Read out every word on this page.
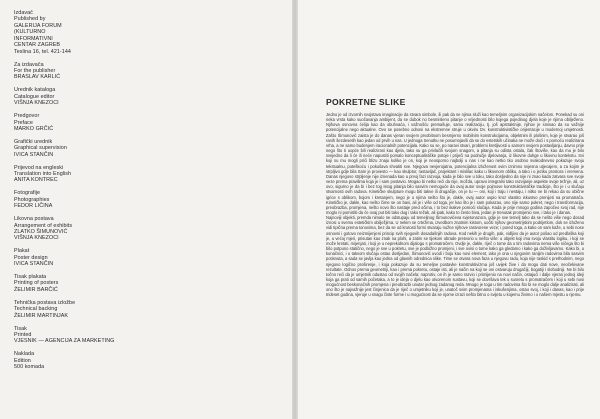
Izdavač
Published by
GALERIJA FORUM
(KULTURNO
INFORMATIVNI
CENTAR ZAGREB
Teslina 16, tel. 421-144
Za izdavača
For the publisher
BRASLAV KARLIĆ
Urednik kataloga
Catalogue editor
VIŠNJA KNEZOCI
Predgovor
Preface
MARKO GRČIĆ
Grafički urednik
Graphical supervision
IVICA STANČIN
Prijevod na engleski
Translation into English
ANITA KONTREC
Fotografije
Photographies
FEDOR LIČINA
Likovna postava
Arrangement of exhibits
ZLATKO ŠIMUNOVIĆ
VIŠNJA KNEZOCI
Plakat
Poster design
IVICA STANČIN
Tisak plakata
Printing of posters
ŽELIMIR BARČIĆ
Tehnička postava izložbe
Technical backing
ŽELIMIR MARTINJAK
Tisak
Printed
VJESNIK — AGENCIJA ZA MARKETING
Naklada
Edition
500 komada
POKRETNE SLIKE

Jedno je od izvornih svojstava imaginacije da stvara simbole, ili pak da se njima služi kao temeljnim organizacijskim načelom. Ponekad su oni neka vrsta kako suočavanja ambijent, da se dubok no besmisleno pitanje o vrijednosti bilo kojega pojedinog djela koje je njima obilježeno. Njihova osnovna ćelija kao da obuhvaća, i važnošću premašuje, samu realizaciju, tj. još apstraktnije, njihov je smisao da su važnije potencijalne nego aktualne. Ovo se posebno odnosi na ekstremne struje u okviru tzv. konstruktivističke orijentacije u modernoj umjetnosti. Zašto Šimunović zaista je do danas vjeran svojem prvobitnom besmjerno mobilnim konstrukcijama, objektnim ili plošnim, koje je stvarao još ranih šezdesetih kao jedan od prvih u nas. U jednoga trenutku ne posumnjavši da se do estetskih učinaka ne može doći i s pomoću realizirana vrha, a ne samo budenjem iracionalnih potencijala. Kako su se, po naravi stvari, problemi kretljivosti u samom svojem postavljanju, davno prije nego što ti uopće bili realizirani kao djela, tako su ga privlačili svojom snagom, a pitanja su odista ostala, čak štoviše, kao da mu je bilo svejedno da li će ili neće napustiti pomalo konceptualističke potoje i priječi na područje djelovanja, iz likovne duhge u likovnu kontekstu. Svi koji su mu mogli prići blizu znaju koliko je on, koji je neosporno najbolji u nas i ne kao netko tko osobno svakodnevno pokazuje svoju tekstualnu, poteškoću i pokušava shvatiti sve. Njegova nevjerojatna, potencijalna izloženost ovim iznimno svjesna utjecajem, a za kojim je strpljivo gdje bila Sam je provesto — kao skulptor, rastavljač, projektant i mislilac kako u likovnom obliku, a tako i u jeziku prostora i vremena. Danas njegovo strpljenje nije iznenada kao u prvoj fazi razvoja, kada je bilo sve u toku, tako dosljedno da nije ni znao kada zatvara sve svoje veze prema pravilima koja je i sam postavio. Mogao bi netko reći da nije, možda, upravo integralni tako razvijanje aspekte svoje težnje, ali, uz ovo, sigurno je da bi i bez tog istog pitanja bilo sasvim nemoguće da ovaj autor svoje pojmove konstruktivističke tradicije, što je i u slučaju stvarnosti ovih radova. Kinetičke skulpture mogu biti takve ili drugačije, on je tu — oni, koji i traju i nestaju, i nitko ne bi rekao da su obične igrice s oblikom, bojom i kretanjem, nego je u njima nešto što je, dakle, ovaj autor uspio kroz vlastito iskustvo prenijeti na promatrača. Kinetičko je, dakle, kao nešto čime se on bavi, ali je i više od toga, jer kao što je i sam pokazao, ono nije samo pokret, nego i transformacija, preobrazba, promjena, nešto novo što nastaje pred očima, i to bez ikakve pomoći slučaja. Kada je prije mnogo godina započeo svoj rad, nije moglo ni pomisliti da će ovaj put biti tako dug i tako težak, ali ipak, kako to često biva, jedan je trenutak promijenio sve, i tako je i danas.

Najnoviji objekti, premda nimalo ne odstupaju od temeljnog Šimunovićeva svjetonazora, gdje je sve temelj tako da se nešto više nego dosad iznosi u svemu estetičkim obilježjima. U nekim se crtežima, izvedbom znatnim kistom, uočiti njihov geometrijskim podrijetlom, dok se izloženo vidi tipična prema tonovima, bez da se od krutosti formi stvaraju nužne njihove rastvorene veze; i pored toga, a kako on sam kaže, u sebi nose osnovni i gotovo neizmijenjeni princip svih njegovih dosadašnjih radova. Kod nekih je drugih, pak, vidljivo da je autor pošao od predloška koji je, u većoj mjeri, prisutan kao znak na plohi, a zatim se tijekom obrade pretvorio u nešto više: u objekt koji ima svoju vlastitu logiku, i koji se može kretati, mijenjati, i koji je u neprekidnom dijalogu s promatračem. Ovdje je, dakle, riječ o tome da u tim radovima nema više ničega što bi bilo potpuno statično, nego je sve u pokretu, sve je podložno promjeni, i sve ovisi o tome kako ga gledamo i kako ga doživljavamo. Kako bi, u konačnici, i u takvom slučaju ostao dosljedan, Šimunović uvodi i boju kao novi element, iako je ona u njegovim ranijim radovima bila sasvim potisnuta, a sada se javlja kao jedna od glavnih odrednica slike. Time se otvara nova faza u njegovu radu, koja nije raskid s prethodnim, nego njegovo logično proširenje, i koja pokazuje da su temeljne postavke konstruktivizma još uvijek žive i da mogu dati nove, neočekivane rezultate. Odnos prema geometriji, kao i prema pokretu, ostaje isti, ali je način na koji se oni ostvaruju drugačiji, bogatiji i slobodniji. Ne bi bilo točno reći da je umjetnik odustao od svojih načela; naprotiv, on ih je samo razvio i primijenio na novi način, ostajući i dalje vjeran jednoj ideji koja ga prati od samih početaka, a to je ideja o djelu kao otvorenom sustavu, koji se dovršava tek u susretu s promatračem i koji u sebi nosi mogućnost beskonačnih promjena i preobrazbi unutar jednog zadanog reda. Mnogo je toga u tim radovima što bi se moglo dalje analizirati, ali ono što je najvažnije jest činjenica da je riječ o umjetniku koji je, unatoč svim promjenama i iskušenjima, ostao svoj, i koji i danas, kao i prije trideset godina, vjeruje u snagu čiste forme i u mogućnost da se njome izrazi nešto bitno o svijetu u kojemu živimo i o našem mjestu u njemu.
